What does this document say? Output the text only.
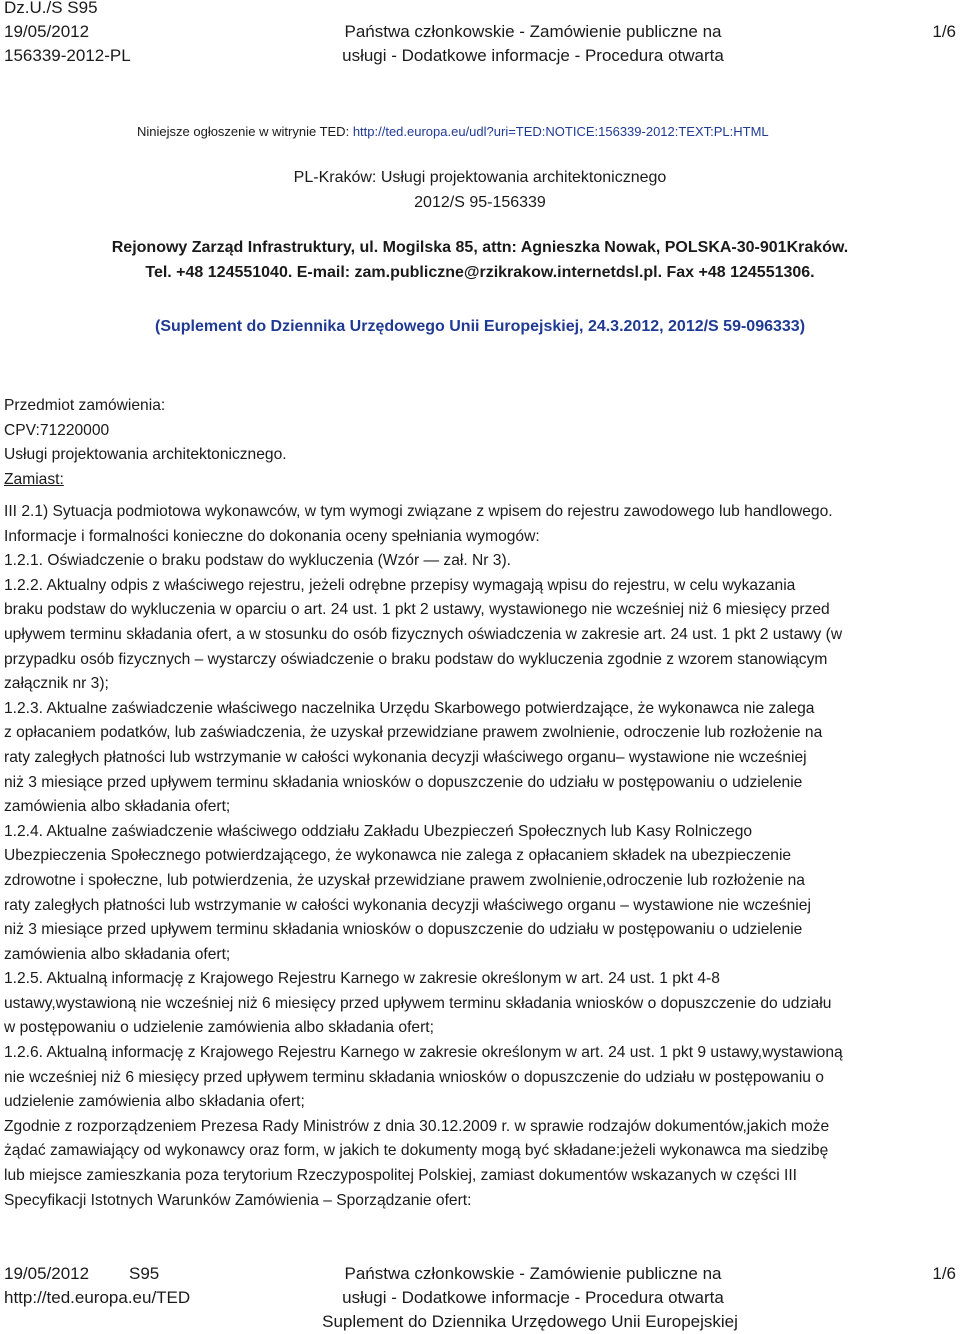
Dz.U./S S95
19/05/2012
156339-2012-PL
Państwa członkowskie - Zamówienie publiczne na
usługi - Dodatkowe informacje - Procedura otwarta
1/6
Niniejsze ogłoszenie w witrynie TED: http://ted.europa.eu/udl?uri=TED:NOTICE:156339-2012:TEXT:PL:HTML
PL-Kraków: Usługi projektowania architektonicznego
2012/S 95-156339
Rejonowy Zarząd Infrastruktury, ul. Mogilska 85, attn: Agnieszka Nowak, POLSKA-30-901Kraków.
Tel. +48 124551040. E-mail: zam.publiczne@rzikrakow.internetdsl.pl. Fax +48 124551306.
(Suplement do Dziennika Urzędowego Unii Europejskiej, 24.3.2012, 2012/S 59-096333)

Przedmiot zamówienia:

CPV:71220000

Usługi projektowania architektonicznego.

Zamiast:

III 2.1) Sytuacja podmiotowa wykonawców, w tym wymogi związane z wpisem do rejestru zawodowego lub handlowego.

Informacje i formalności konieczne do dokonania oceny spełniania wymogów:

1.2.1. Oświadczenie o braku podstaw do wykluczenia (Wzór — zał. Nr 3).

1.2.2. Aktualny odpis z właściwego rejestru, jeżeli odrębne przepisy wymagają wpisu do rejestru, w celu wykazania

braku podstaw do wykluczenia w oparciu o art. 24 ust. 1 pkt 2 ustawy, wystawionego nie wcześniej niż 6 miesięcy przed

upływem terminu składania ofert, a w stosunku do osób fizycznych oświadczenia w zakresie art. 24 ust. 1 pkt 2 ustawy (w

przypadku osób fizycznych – wystarczy oświadczenie o braku podstaw do wykluczenia zgodnie z wzorem stanowiącym

załącznik nr 3);

1.2.3. Aktualne zaświadczenie właściwego naczelnika Urzędu Skarbowego potwierdzające, że wykonawca nie zalega

z opłacaniem podatków, lub zaświadczenia, że uzyskał przewidziane prawem zwolnienie, odroczenie lub rozłożenie na

raty zaległych płatności lub wstrzymanie w całości wykonania decyzji właściwego organu– wystawione nie wcześniej

niż 3 miesiące przed upływem terminu składania wniosków o dopuszczenie do udziału w postępowaniu o udzielenie

zamówienia albo składania ofert;

1.2.4. Aktualne zaświadczenie właściwego oddziału Zakładu Ubezpieczeń Społecznych lub Kasy Rolniczego

Ubezpieczenia Społecznego potwierdzającego, że wykonawca nie zalega z opłacaniem składek na ubezpieczenie

zdrowotne i społeczne, lub potwierdzenia, że uzyskał przewidziane prawem zwolnienie,odroczenie lub rozłożenie na

raty zaległych płatności lub wstrzymanie w całości wykonania decyzji właściwego organu – wystawione nie wcześniej

niż 3 miesiące przed upływem terminu składania wniosków o dopuszczenie do udziału w postępowaniu o udzielenie

zamówienia albo składania ofert;

1.2.5. Aktualną informację z Krajowego Rejestru Karnego w zakresie określonym w art. 24 ust. 1 pkt 4-8

ustawy,wystawioną nie wcześniej niż 6 miesięcy przed upływem terminu składania wniosków o dopuszczenie do udziału

w postępowaniu o udzielenie zamówienia albo składania ofert;

1.2.6. Aktualną informację z Krajowego Rejestru Karnego w zakresie określonym w art. 24 ust. 1 pkt 9 ustawy,wystawioną

nie wcześniej niż 6 miesięcy przed upływem terminu składania wniosków o dopuszczenie do udziału w postępowaniu o

udzielenie zamówienia albo składania ofert;

Zgodnie z rozporządzeniem Prezesa Rady Ministrów z dnia 30.12.2009 r. w sprawie rodzajów dokumentów,jakich może

żądać zamawiający od wykonawcy oraz form, w jakich te dokumenty mogą być składane:jeżeli wykonawca ma siedzibę

lub miejsce zamieszkania poza terytorium Rzeczypospolitej Polskiej, zamiast dokumentów wskazanych w części III

Specyfikacji Istotnych Warunków Zamówienia – Sporządzanie ofert:

19/05/2012 S95
http://ted.europa.eu/TED
Państwa członkowskie - Zamówienie publiczne na
usługi - Dodatkowe informacje - Procedura otwarta
Suplement do Dziennika Urzędowego Unii Europejskiej
1/6
